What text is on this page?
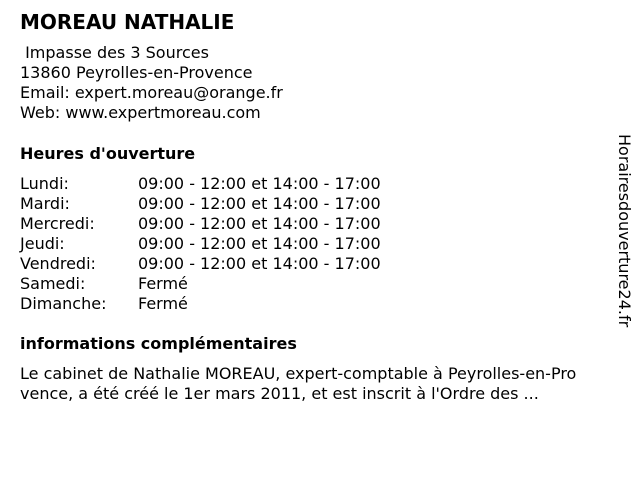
MOREAU NATHALIE
Impasse des 3 Sources
13860 Peyrolles-en-Provence
Email: expert.moreau@orange.fr
Web: www.expertmoreau.com
Heures d'ouverture
Lundi:	09:00 - 12:00 et 14:00 - 17:00
Mardi:	09:00 - 12:00 et 14:00 - 17:00
Mercredi:	09:00 - 12:00 et 14:00 - 17:00
Jeudi:	09:00 - 12:00 et 14:00 - 17:00
Vendredi:	09:00 - 12:00 et 14:00 - 17:00
Samedi:	Fermé
Dimanche:	Fermé
informations complémentaires
Le cabinet de Nathalie MOREAU, expert-comptable à Peyrolles-en-Pro
vence, a été créé le 1er mars 2011, et est inscrit à l'Ordre des ...
Horairesdouverture24.fr
